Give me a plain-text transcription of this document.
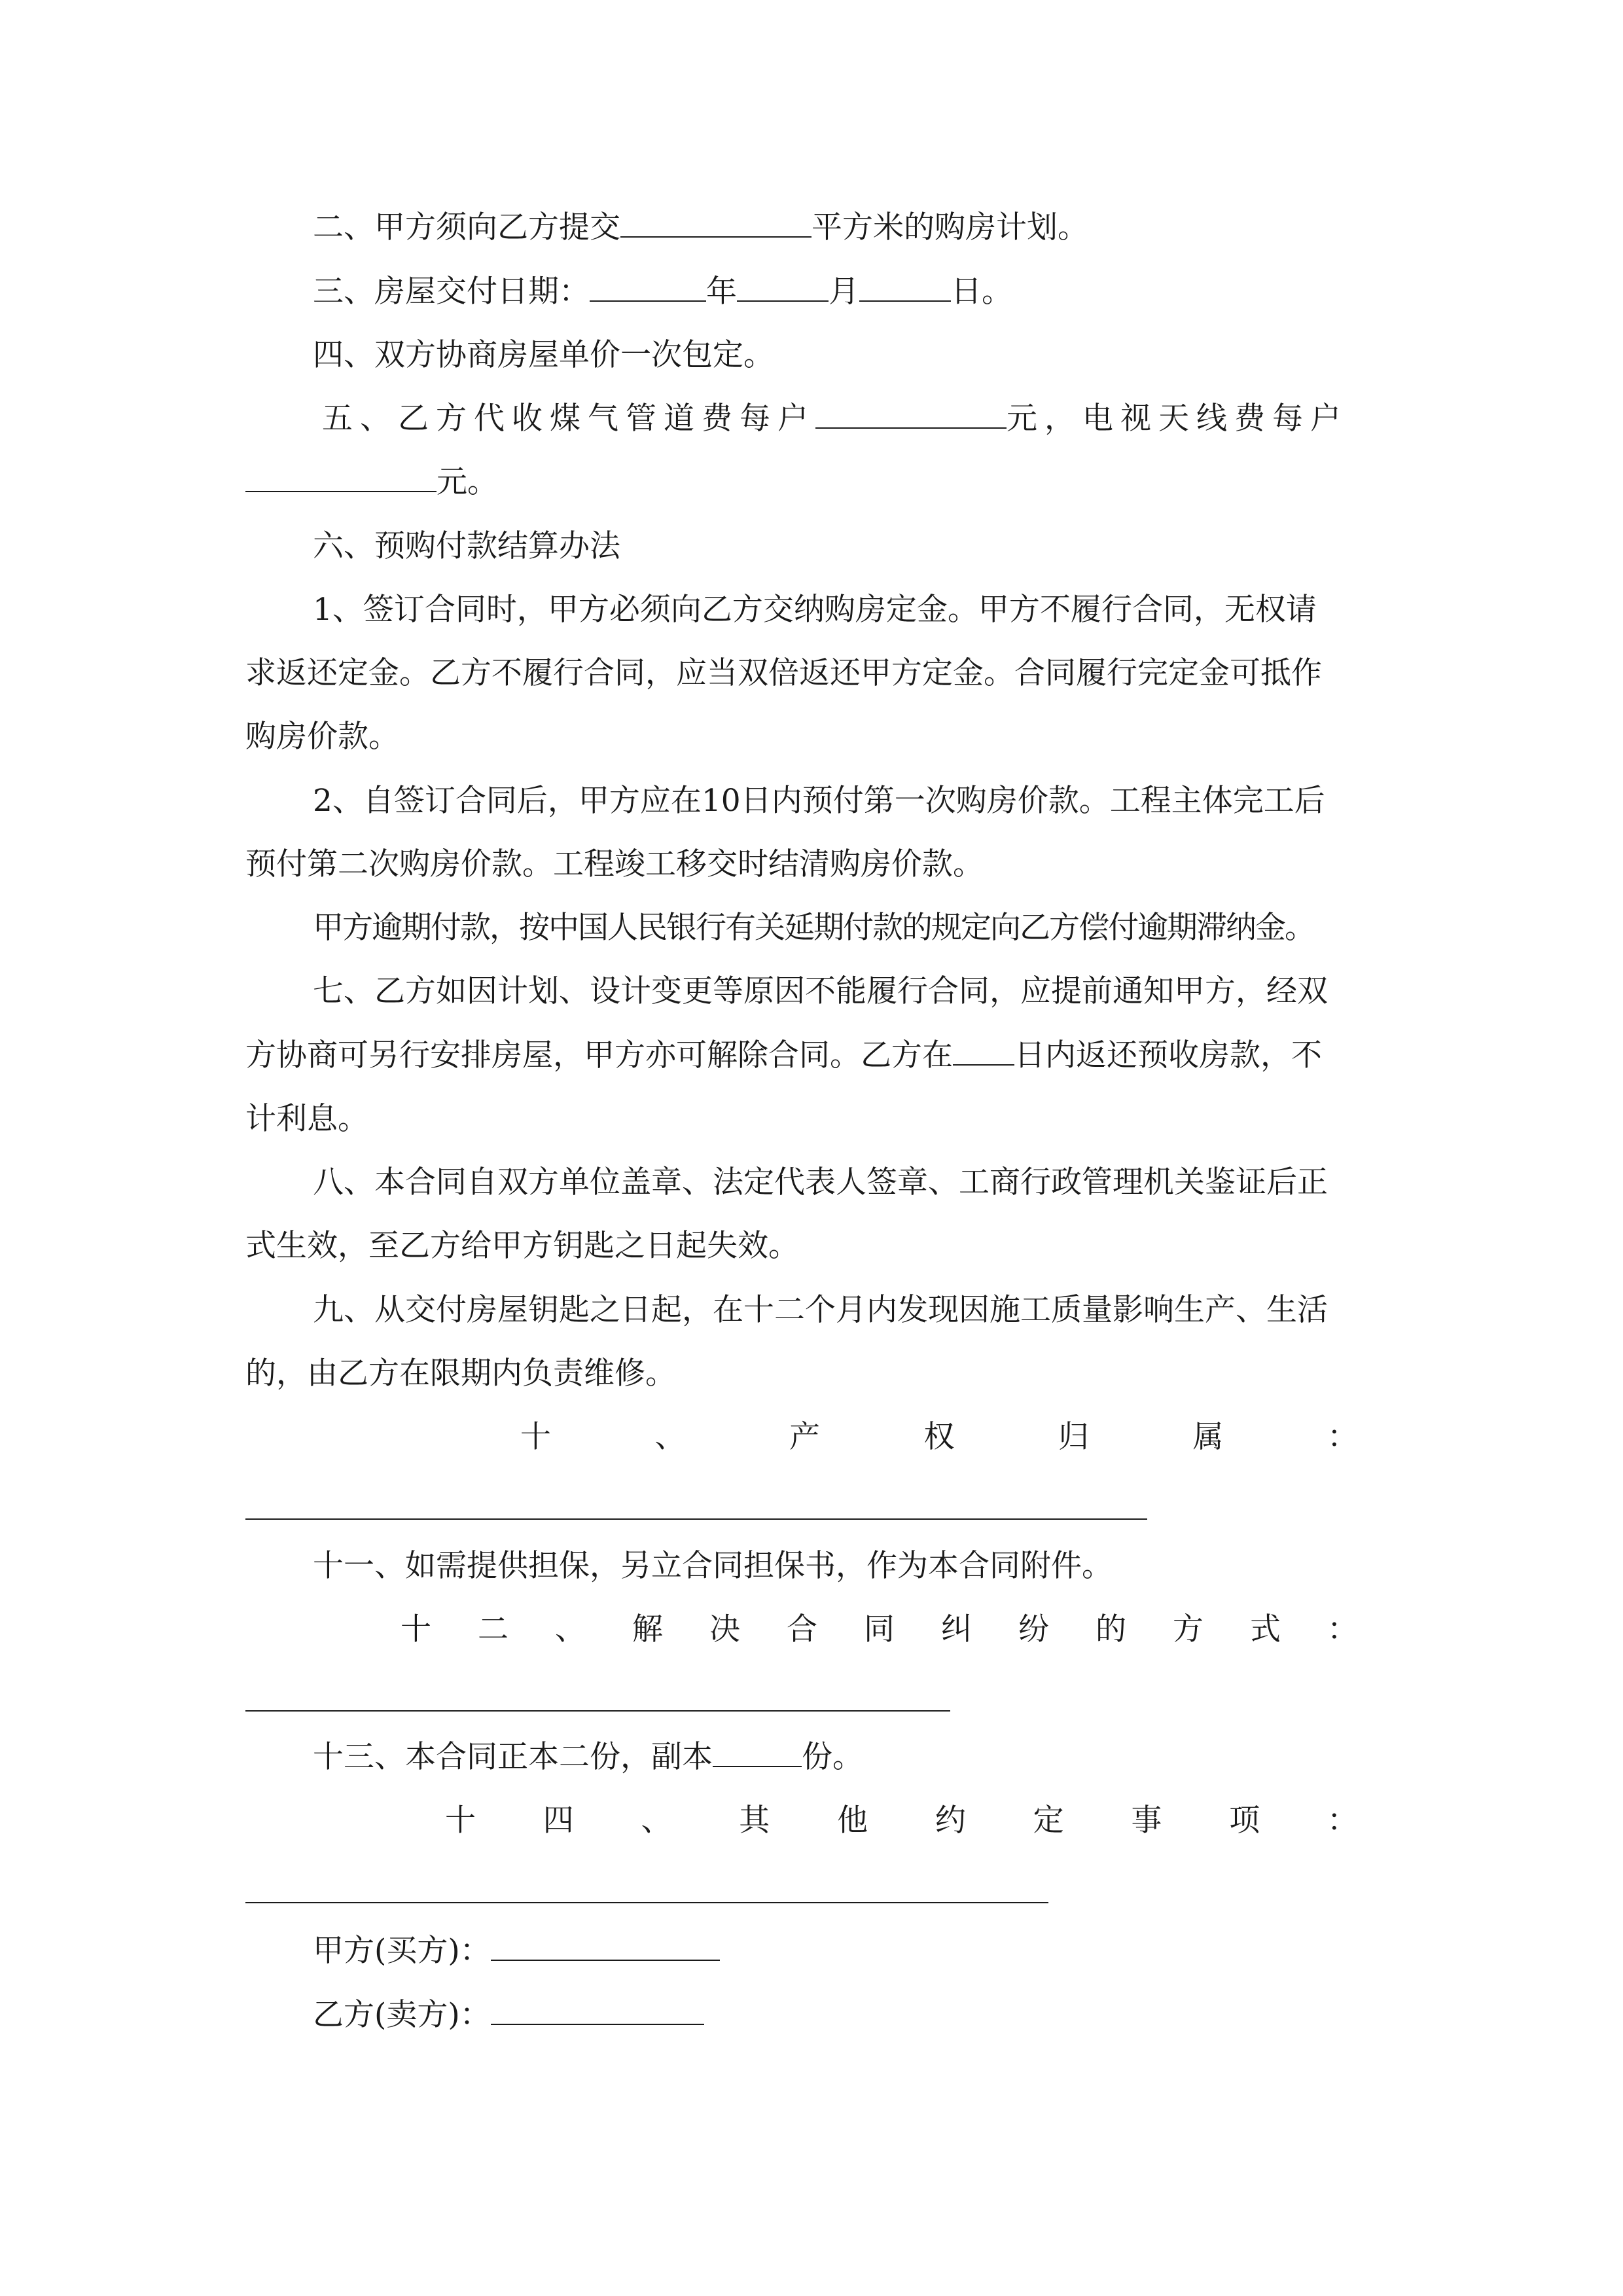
二、甲方须向乙方提交	平方米的购房计划。
三、房屋交付日期：	年	月	日。
四、双方协商房屋单价一次包定。
五、乙方代收煤气管道费每户	元，电视天线费每户
元。
六、预购付款结算办法
1、签订合同时，甲方必须向乙方交纳购房定金。甲方不履行合同，无权请
求返还定金。乙方不履行合同，应当双倍返还甲方定金。合同履行完定金可抵作
购房价款。
2、自签订合同后，甲方应在10日内预付第一次购房价款。工程主体完工后
预付第二次购房价款。工程竣工移交时结清购房价款。
甲方逾期付款，按中国人民银行有关延期付款的规定向乙方偿付逾期滞纳金。
七、乙方如因计划、设计变更等原因不能履行合同，应提前通知甲方，经双
方协商可另行安排房屋，甲方亦可解除合同。乙方在 日内返还预收房款，不
计利息。
八、本合同自双方单位盖章、法定代表人签章、工商行政管理机关鉴证后正
式生效，至乙方给甲方钥匙之日起失效。
九、从交付房屋钥匙之日起，在十二个月内发现因施工质量影响生产、生活
的，由乙方在限期内负责维修。
十	、	产	权	归	属	：
十一、如需提供担保，另立合同担保书，作为本合同附件。
十 二 、 解 决 合 同 纠 纷 的 方 式 ：
十三、本合同正本二份，副本	份。
十 四 、 其 他 约 定 事 项 ：
甲方(买方)：
乙方(卖方)：
